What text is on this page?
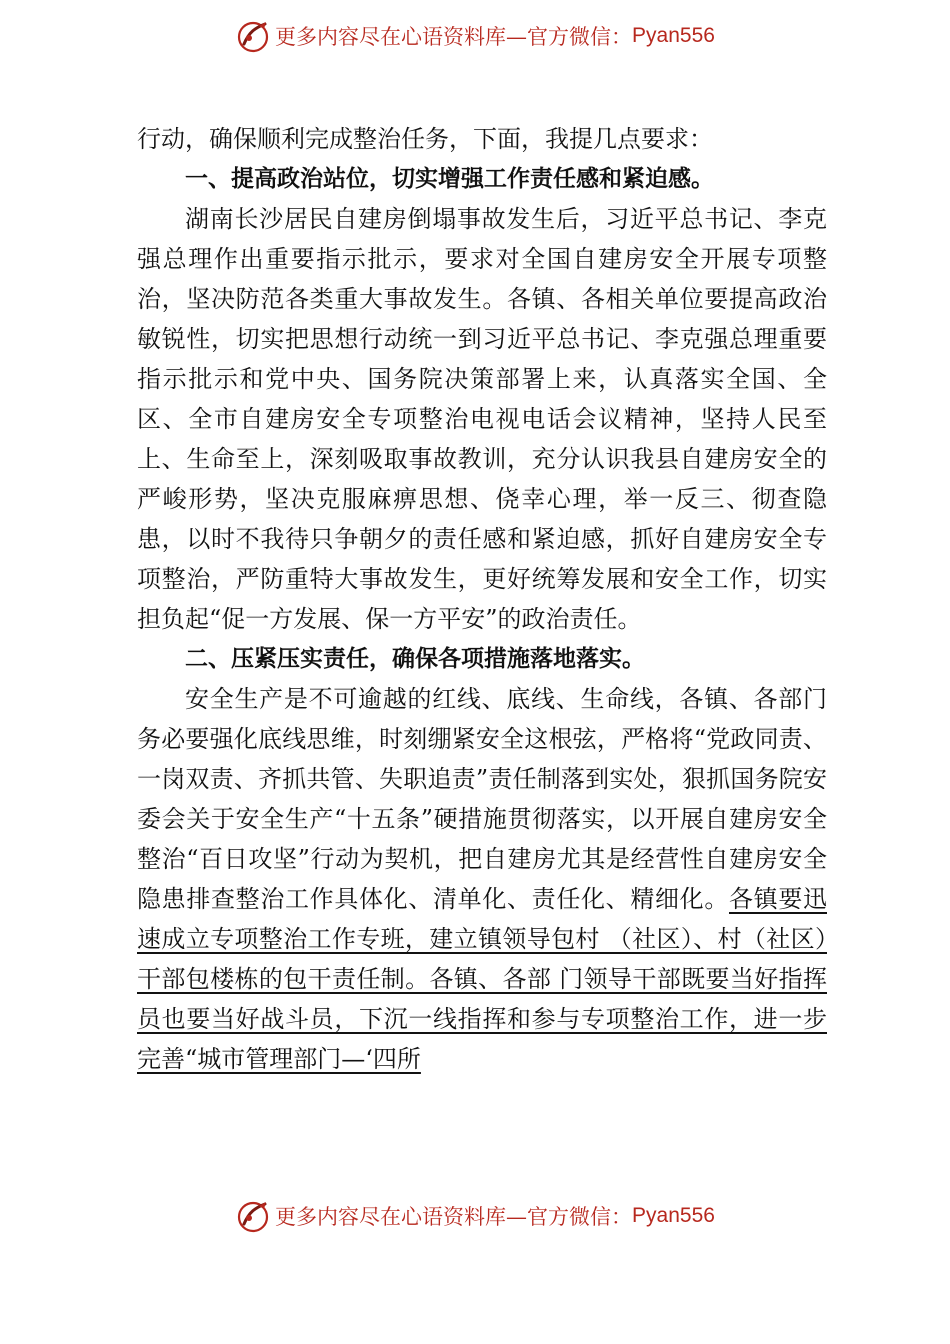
更多内容尽在心语资料库—官方微信： Pyan556

行动，确保顺利完成整治任务，下面，我提几点要求：

一、提高政治站位，切实增强工作责任感和紧迫感。

湖南长沙居民自建房倒塌事故发生后，习近平总书记、李克强总理作出重要指示批示，要求对全国自建房安全开展专项整治，坚决防范各类重大事故发生。各镇、各相关单位要提高政治敏锐性，切实把思想行动统一到习近平总书记、李克强总理重要指示批示和党中央、国务院决策部署上来，认真落实全国、全区、全市自建房安全专项整治电视电话会议精神，坚持人民至上、生命至上，深刻吸取事故教训，充分认识我县自建房安全的严峻形势，坚决克服麻痹思想、侥幸心理，举一反三、彻查隐患，以时不我待只争朝夕的责任感和紧迫感，抓好自建房安全专项整治，严防重特大事故发生，更好统筹发展和安全工作，切实担负起“促一方发展、保一方平安”的政治责任。

二、压紧压实责任，确保各项措施落地落实。

安全生产是不可逾越的红线、底线、生命线，各镇、各部门务必要强化底线思维，时刻绷紧安全这根弦，严格将“党政同责、一岗双责、齐抓共管、失职追责”责任制落到实处，狠抓国务院安委会关于安全生产“十五条”硬措施贯彻落实，以开展自建房安全整治“百日攻坚”行动为契机，把自建房尤其是经营性自建房安全隐患排查整治工作具体化、清单化、责任化、精细化。各镇要迅速成立专项整治工作专班，建立镇领导包村 （社区）、村（社区）干部包楼栋的包干责任制。各镇、各部 门领导干部既要当好指挥员也要当好战斗员，下沉一线指挥和参与专项整治工作，进一步完善“城市管理部门—‘四所

更多内容尽在心语资料库—官方微信： Pyan556
